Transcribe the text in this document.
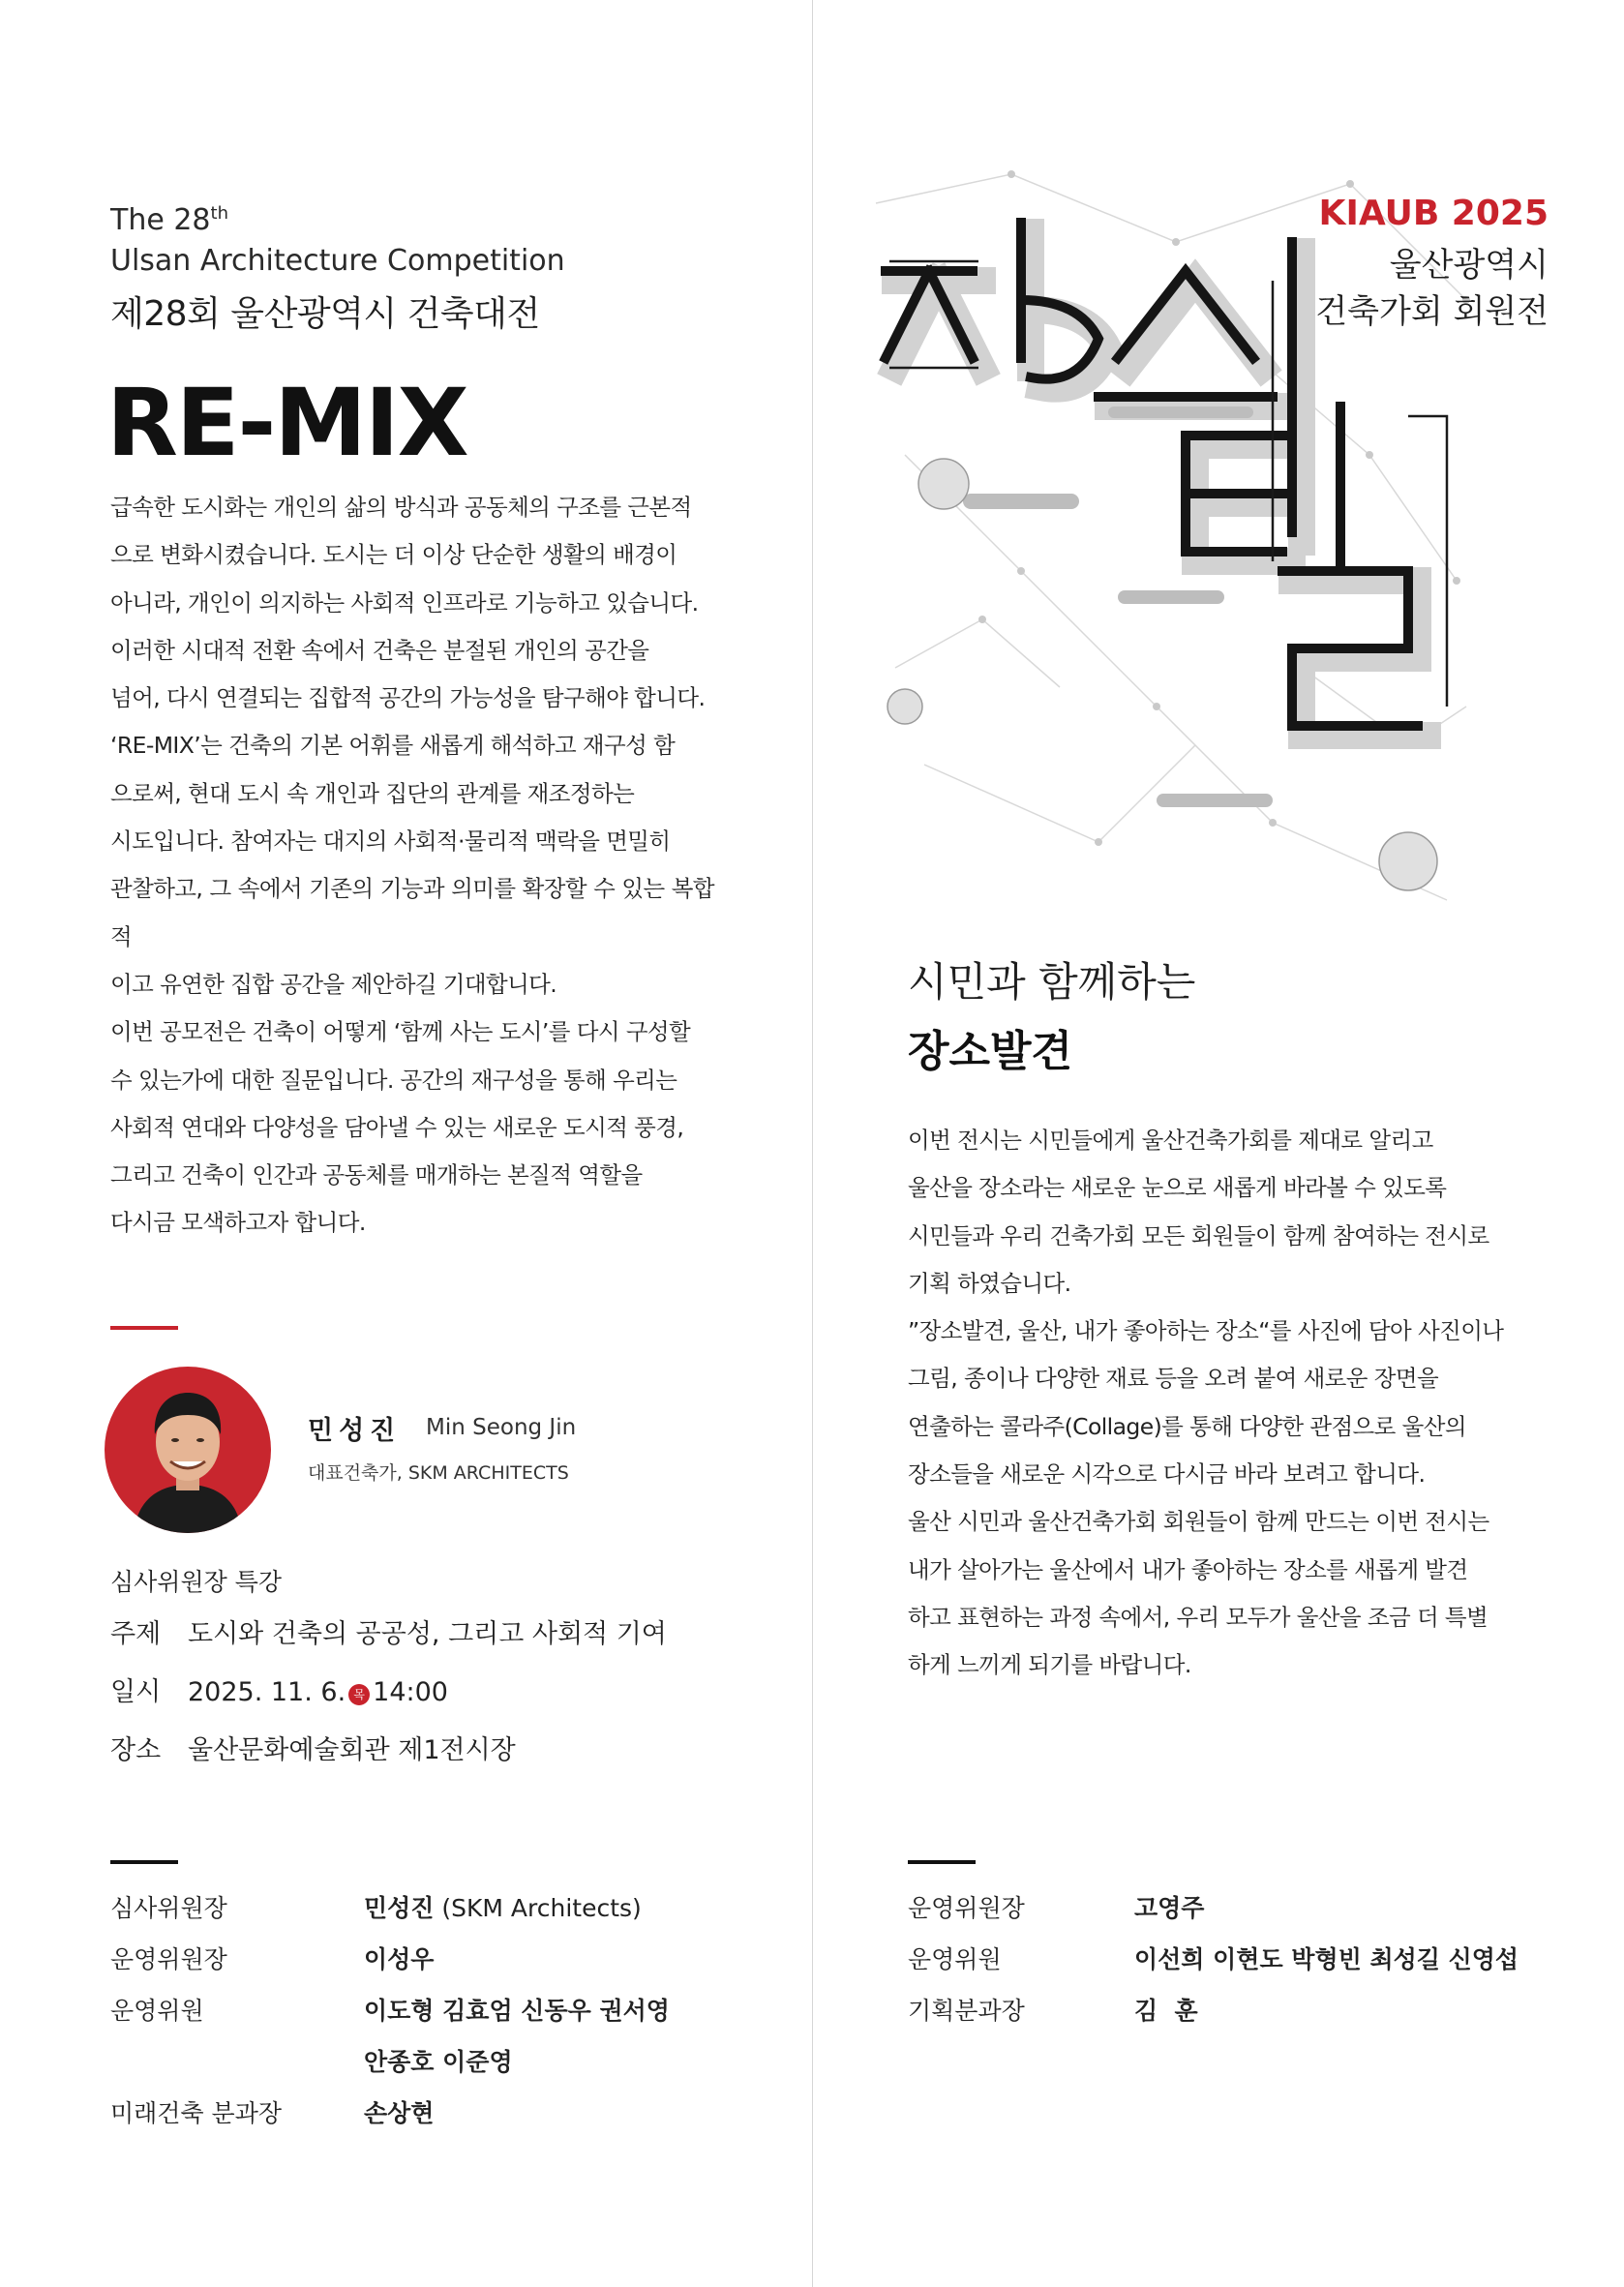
The 28th
Ulsan Architecture Competition
제28회 울산광역시 건축대전
RE-MIX

급속한 도시화는 개인의 삶의 방식과 공동체의 구조를 근본적

으로 변화시켰습니다. 도시는 더 이상 단순한 생활의 배경이

아니라, 개인이 의지하는 사회적 인프라로 기능하고 있습니다.

이러한 시대적 전환 속에서 건축은 분절된 개인의 공간을

넘어, 다시 연결되는 집합적 공간의 가능성을 탐구해야 합니다.

‘RE-MIX’는 건축의 기본 어휘를 새롭게 해석하고 재구성 함

으로써, 현대 도시 속 개인과 집단의 관계를 재조정하는

시도입니다. 참여자는 대지의 사회적·물리적 맥락을 면밀히

관찰하고, 그 속에서 기존의 기능과 의미를 확장할 수 있는 복합적

이고 유연한 집합 공간을 제안하길 기대합니다.

이번 공모전은 건축이 어떻게 ‘함께 사는 도시’를 다시 구성할

수 있는가에 대한 질문입니다. 공간의 재구성을 통해 우리는

사회적 연대와 다양성을 담아낼 수 있는 새로운 도시적 풍경,

그리고 건축이 인간과 공동체를 매개하는 본질적 역할을

다시금 모색하고자 합니다.

민성진 Min Seong Jin
대표건축가, SKM ARCHITECTS
심사위원장 특강
주제 도시와 건축의 공공성, 그리고 사회적 기여
일시 2025. 11. 6. 목 14:00
장소 울산문화예술회관 제1전시장
심사위원장	민성진 (SKM Architects)
운영위원장	이성우
운영위원	이도형 김효엄 신동우 권서영
안종호 이준영
미래건축 분과장	손상현
KIAUB 2025
울산광역시
건축가회 회원전
시민과 함께하는
장소발견

이번 전시는 시민들에게 울산건축가회를 제대로 알리고

울산을 장소라는 새로운 눈으로 새롭게 바라볼 수 있도록

시민들과 우리 건축가회 모든 회원들이 함께 참여하는 전시로

기획 하였습니다.

”장소발견, 울산, 내가 좋아하는 장소“를 사진에 담아 사진이나

그림, 종이나 다양한 재료 등을 오려 붙여 새로운 장면을

연출하는 콜라주(Collage)를 통해 다양한 관점으로 울산의

장소들을 새로운 시각으로 다시금 바라 보려고 합니다.

울산 시민과 울산건축가회 회원들이 함께 만드는 이번 전시는

내가 살아가는 울산에서 내가 좋아하는 장소를 새롭게 발견

하고 표현하는 과정 속에서, 우리 모두가 울산을 조금 더 특별

하게 느끼게 되기를 바랍니다.

운영위원장	고영주
운영위원	이선희 이현도 박형빈 최성길 신영섭
기획분과장	김  훈
